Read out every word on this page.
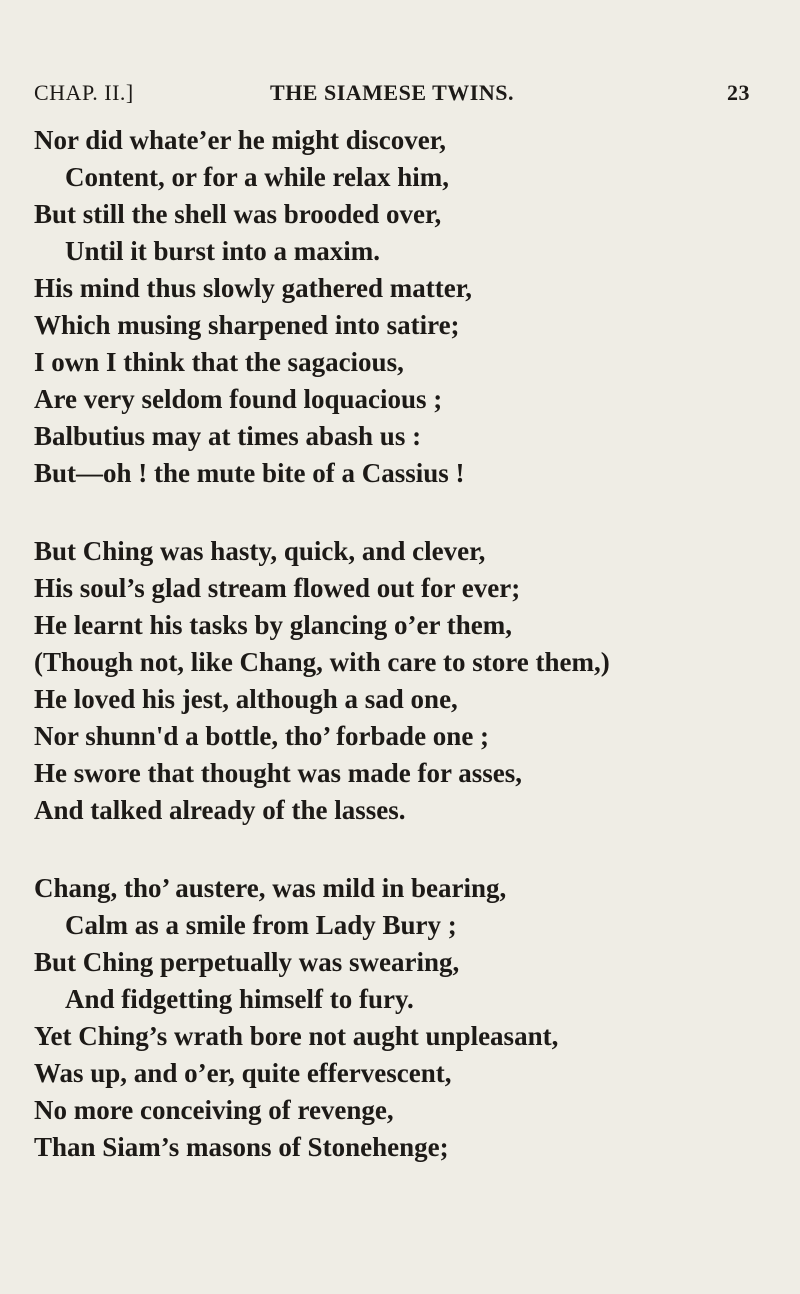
CHAP. II.]	THE SIAMESE TWINS.	23
Nor did whate’er he might discover,
Content, or for a while relax him,
But still the shell was brooded over,
Until it burst into a maxim.
His mind thus slowly gathered matter,
Which musing sharpened into satire;
I own I think that the sagacious,
Are very seldom found loquacious ;
Balbutius may at times abash us :
But—oh ! the mute bite of a Cassius !
But Ching was hasty, quick, and clever,
His soul’s glad stream flowed out for ever;
He learnt his tasks by glancing o’er them,
(Though not, like Chang, with care to store them,)
He loved his jest, although a sad one,
Nor shunn'd a bottle, tho’ forbade one ;
He swore that thought was made for asses,
And talked already of the lasses.
Chang, tho’ austere, was mild in bearing,
Calm as a smile from Lady Bury ;
But Ching perpetually was swearing,
And fidgetting himself to fury.
Yet Ching’s wrath bore not aught unpleasant,
Was up, and o’er, quite effervescent,
No more conceiving of revenge,
Than Siam’s masons of Stonehenge;
